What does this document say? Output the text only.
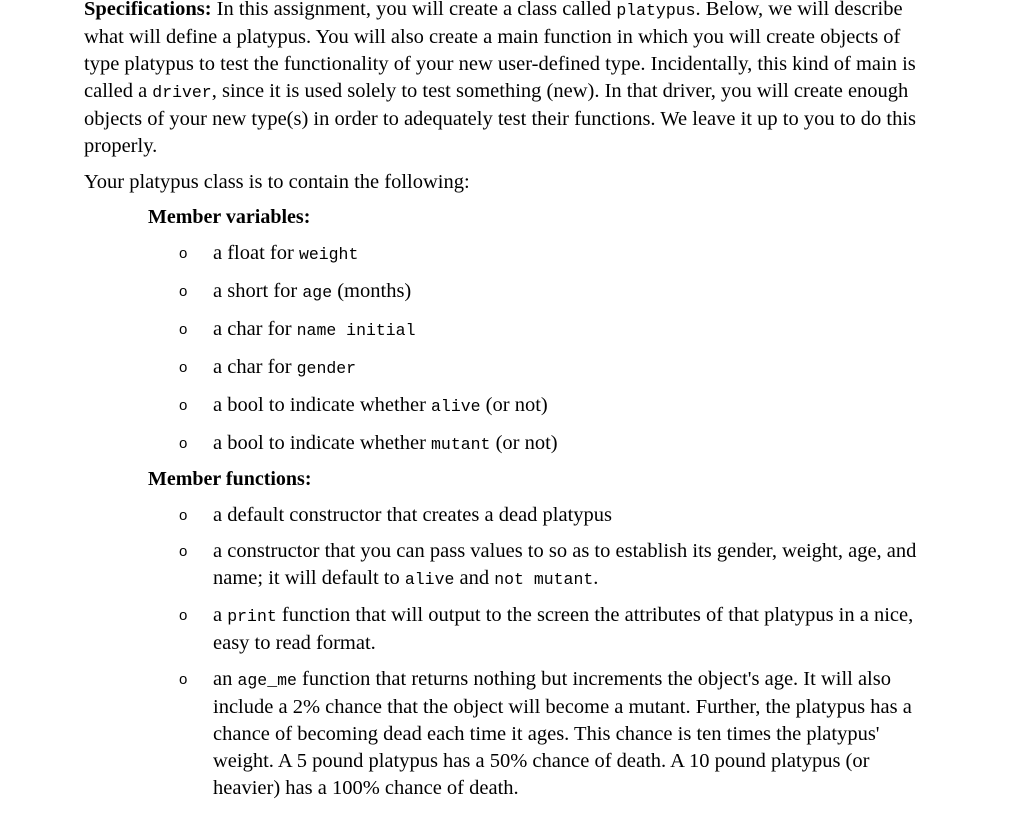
Specifications: In this assignment, you will create a class called platypus. Below, we will describe what will define a platypus. You will also create a main function in which you will create objects of type platypus to test the functionality of your new user-defined type. Incidentally, this kind of main is called a driver, since it is used solely to test something (new). In that driver, you will create enough objects of your new type(s) in order to adequately test their functions. We leave it up to you to do this properly.

Your platypus class is to contain the following:

Member variables:
o a float for weight
o a short for age (months)
o a char for name initial
o a char for gender
o a bool to indicate whether alive (or not)
o a bool to indicate whether mutant (or not)
Member functions:
o a default constructor that creates a dead platypus
o a constructor that you can pass values to so as to establish its gender, weight, age, and name; it will default to alive and not mutant.
o a print function that will output to the screen the attributes of that platypus in a nice, easy to read format.
o an age_me function that returns nothing but increments the object's age. It will also include a 2% chance that the object will become a mutant. Further, the platypus has a chance of becoming dead each time it ages. This chance is ten times the platypus' weight. A 5 pound platypus has a 50% chance of death. A 10 pound platypus (or heavier) has a 100% chance of death.
